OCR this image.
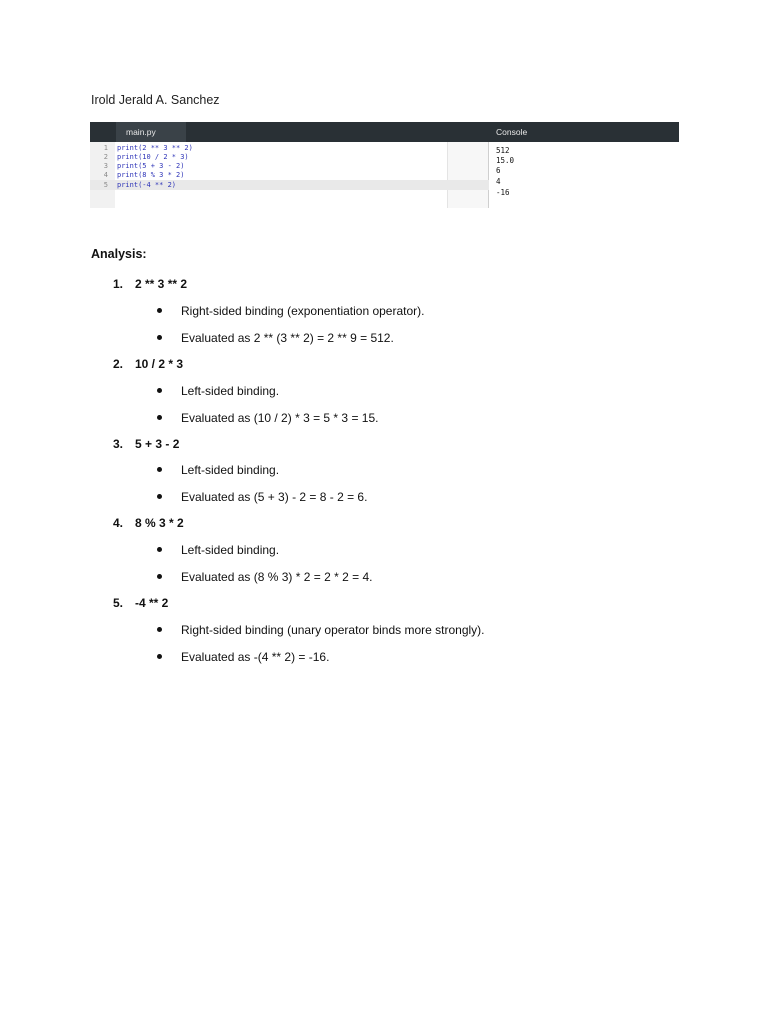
Irold Jerald A. Sanchez
main.py	Console
1 print(2 ** 3 ** 2)
2 print(10 / 2 * 3)
3 print(5 + 3 - 2)
4 print(8 % 3 * 2)
5 print(-4 ** 2)
512
15.0
6
4
-16
Analysis:
1. 2 ** 3 ** 2
Right-sided binding (exponentiation operator).
Evaluated as 2 ** (3 ** 2) = 2 ** 9 = 512.
2. 10 / 2 * 3
Left-sided binding.
Evaluated as (10 / 2) * 3 = 5 * 3 = 15.
3. 5 + 3 - 2
Left-sided binding.
Evaluated as (5 + 3) - 2 = 8 - 2 = 6.
4. 8 % 3 * 2
Left-sided binding.
Evaluated as (8 % 3) * 2 = 2 * 2 = 4.
5. -4 ** 2
Right-sided binding (unary operator binds more strongly).
Evaluated as -(4 ** 2) = -16.
